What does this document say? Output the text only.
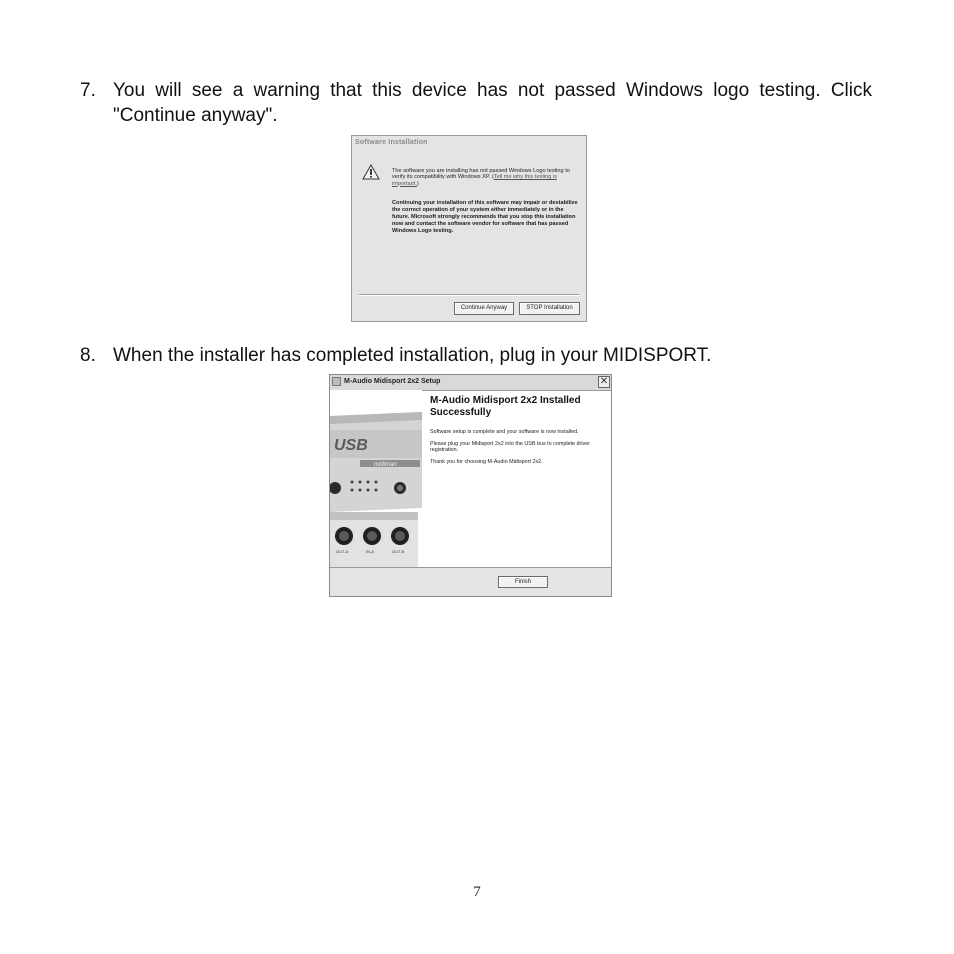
7. You will see a warning that this device has not passed Windows logo testing. Click "Continue anyway".
Software Installation
The software you are installing has not passed Windows Logo testing to verify its compatibility with Windows XP. (Tell me why this testing is important.)
Continuing your installation of this software may impair or destabilize the correct operation of your system either immediately or in the future. Microsoft strongly recommends that you stop this installation now and contact the software vendor for software that has passed Windows Logo testing.
Continue Anyway	STOP Installation
8. When the installer has completed installation, plug in your MIDISPORT.
M-Audio Midisport 2x2 Setup	✕
USB
midiman
OUT-A	IN-A	OUT-B
M-Audio Midisport 2x2 Installed Successfully

Software setup is complete and your software is now installed.

Please plug your Midisport 2x2 into the USB bus to complete driver registration.

Thank you for choosing M-Audio Midisport 2x2.

Finish
7
